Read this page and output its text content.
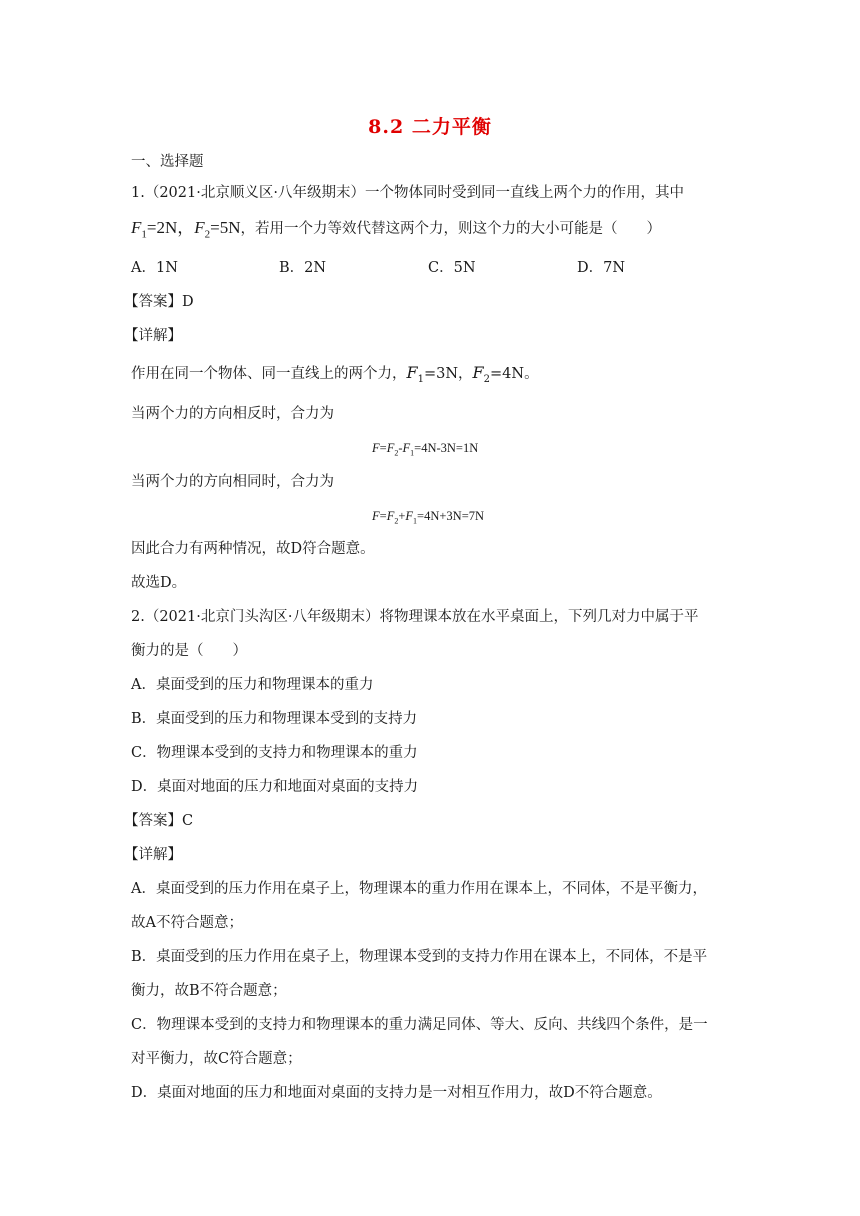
8.2 二力平衡
一、选择题
1.（2021·北京顺义区·八年级期末）一个物体同时受到同一直线上两个力的作用，其中
$F_1=2N$，$F_2=5N$，若用一个力等效代替这两个力，则这个力的大小可能是（　　）
A．1N	B．2N	C．5N	D．7N
【答案】D
【详解】
作用在同一个物体、同一直线上的两个力，$F_1=3N$，$F_2=4N$。
当两个力的方向相反时，合力为
$F=F_2-F_1=4N-3N=1N$
当两个力的方向相同时，合力为
$F=F_2+F_1=4N+3N=7N$
因此合力有两种情况，故D符合题意。
故选D。
2.（2021·北京门头沟区·八年级期末）将物理课本放在水平桌面上，下列几对力中属于平
衡力的是（　　）
A．桌面受到的压力和物理课本的重力
B．桌面受到的压力和物理课本受到的支持力
C．物理课本受到的支持力和物理课本的重力
D．桌面对地面的压力和地面对桌面的支持力
【答案】C
【详解】
A．桌面受到的压力作用在桌子上，物理课本的重力作用在课本上，不同体，不是平衡力，
故A不符合题意；
B．桌面受到的压力作用在桌子上，物理课本受到的支持力作用在课本上，不同体，不是平
衡力，故B不符合题意；
C．物理课本受到的支持力和物理课本的重力满足同体、等大、反向、共线四个条件，是一
对平衡力，故C符合题意；
D．桌面对地面的压力和地面对桌面的支持力是一对相互作用力，故D不符合题意。
